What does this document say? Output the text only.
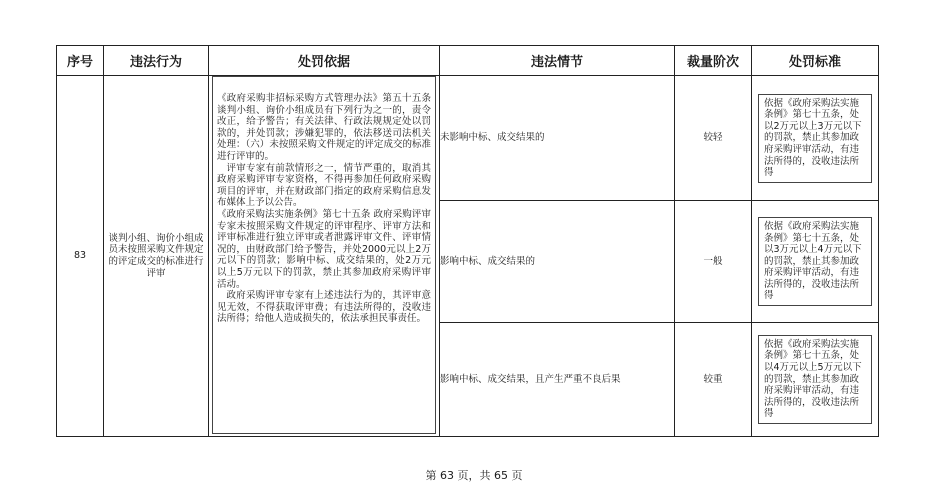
序号	违法行为	处罚依据	违法情节	裁量阶次	处罚标准
83	谈判小组、询价小组成员未按照采购文件规定的评定成交的标准进行评审	《政府采购非招标采购方式管理办法》第五十五条 谈判小组、询价小组成员有下列行为之一的，责令改正，给予警告；有关法律、行政法规规定处以罚款的，并处罚款；涉嫌犯罪的，依法移送司法机关处理：（六）未按照采购文件规定的评定成交的标准进行评审的。

评审专家有前款情形之一，情节严重的，取消其政府采购评审专家资格，不得再参加任何政府采购项目的评审，并在财政部门指定的政府采购信息发布媒体上予以公告。

《政府采购法实施条例》第七十五条 政府采购评审专家未按照采购文件规定的评审程序、评审方法和评审标准进行独立评审或者泄露评审文件、评审情况的，由财政部门给予警告，并处2000元以上2万元以下的罚款；影响中标、成交结果的，处2万元以上5万元以下的罚款，禁止其参加政府采购评审活动。

政府采购评审专家有上述违法行为的，其评审意见无效，不得获取评审费；有违法所得的，没收违法所得；给他人造成损失的，依法承担民事责任。	未影响中标、成交结果的	较轻	依据《政府采购法实施条例》第七十五条，处以2万元以上3万元以下的罚款，禁止其参加政府采购评审活动，有违法所得的，没收违法所得

			影响中标、成交结果的	一般	依据《政府采购法实施条例》第七十五条，处以3万元以上4万元以下的罚款，禁止其参加政府采购评审活动，有违法所得的，没收违法所得

			影响中标、成交结果，且产生严重不良后果	较重	依据《政府采购法实施条例》第七十五条，处以4万元以上5万元以下的罚款，禁止其参加政府采购评审活动，有违法所得的，没收违法所得
第 63 页，共 65 页
